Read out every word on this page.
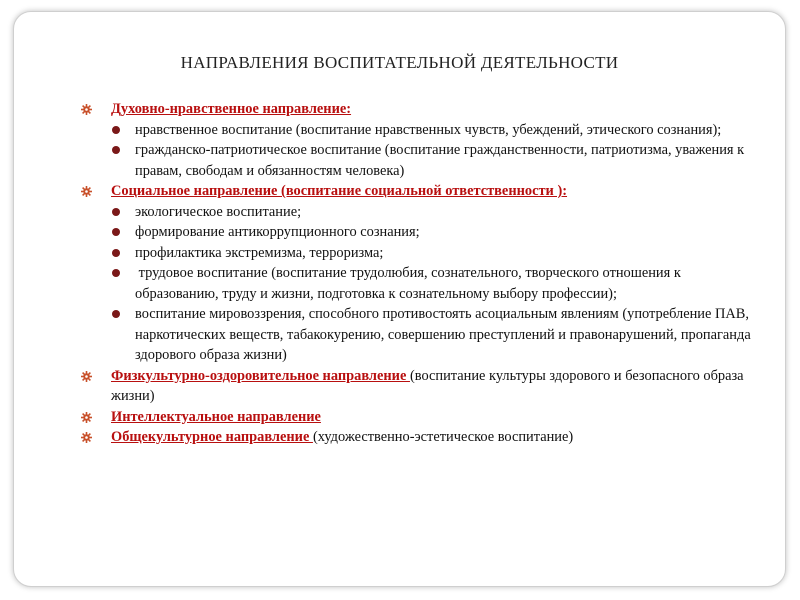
НАПРАВЛЕНИЯ ВОСПИТАТЕЛЬНОЙ ДЕЯТЕЛЬНОСТИ
Духовно-нравственное направление:
нравственное воспитание (воспитание нравственных чувств, убеждений, этического сознания);
гражданско-патриотическое воспитание (воспитание гражданственности, патриотизма, уважения к правам, свободам и обязанностям человека)
Социальное направление (воспитание социальной ответственности ):
экологическое воспитание;
формирование антикоррупционного сознания;
профилактика экстремизма, терроризма;
трудовое воспитание (воспитание трудолюбия, сознательного, творческого отношения к образованию, труду и жизни, подготовка к сознательному выбору профессии);
воспитание мировоззрения, способного противостоять асоциальным явлениям (употребление ПАВ, наркотических веществ, табакокурению, совершению преступлений и правонарушений, пропаганда здорового образа жизни)
Физкультурно-оздоровительное направление (воспитание культуры здорового и безопасного образа жизни)
Интеллектуальное направление
Общекультурное направление (художественно-эстетическое воспитание)
